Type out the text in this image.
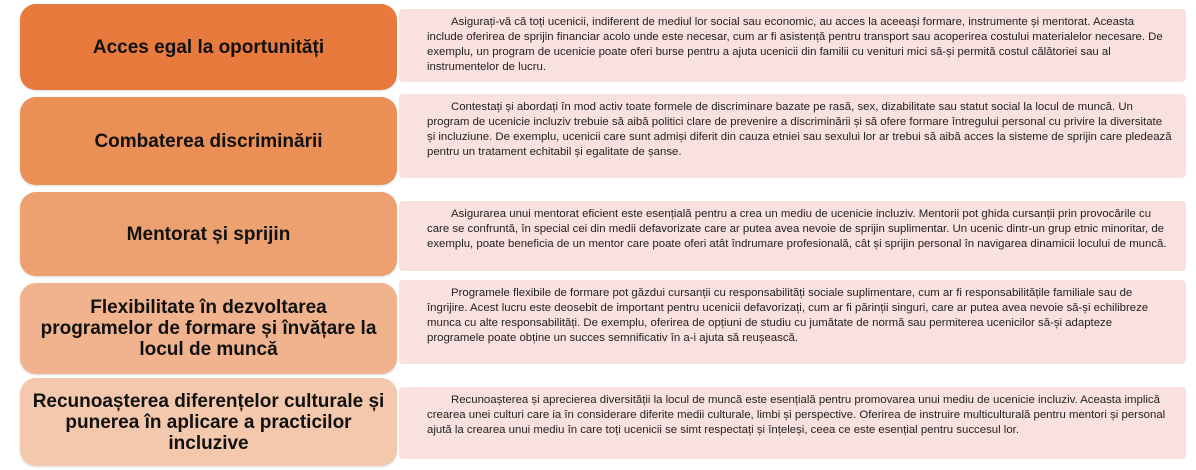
Acces egal la oportunități

Asigurați-vă că toți ucenicii, indiferent de mediul lor social sau economic, au acces la aceeași formare, instrumente și mentorat. Aceasta include oferirea de sprijin financiar acolo unde este necesar, cum ar fi asistență pentru transport sau acoperirea costului materialelor necesare. De exemplu, un program de ucenicie poate oferi burse pentru a ajuta ucenicii din familii cu venituri mici să-și permită costul călătoriei sau al instrumentelor de lucru.

Combaterea discriminării

Contestați și abordați în mod activ toate formele de discriminare bazate pe rasă, sex, dizabilitate sau statut social la locul de muncă. Un program de ucenicie incluziv trebuie să aibă politici clare de prevenire a discriminării și să ofere formare întregului personal cu privire la diversitate și incluziune. De exemplu, ucenicii care sunt admiși diferit din cauza etniei sau sexului lor ar trebui să aibă acces la sisteme de sprijin care pledează pentru un tratament echitabil și egalitate de șanse.

Mentorat și sprijin

Asigurarea unui mentorat eficient este esențială pentru a crea un mediu de ucenicie incluziv. Mentorii pot ghida cursanții prin provocările cu care se confruntă, în special cei din medii defavorizate care ar putea avea nevoie de sprijin suplimentar. Un ucenic dintr-un grup etnic minoritar, de exemplu, poate beneficia de un mentor care poate oferi atât îndrumare profesională, cât și sprijin personal în navigarea dinamicii locului de muncă.

Flexibilitate în dezvoltarea programelor de formare și învățare la locul de muncă

Programele flexibile de formare pot găzdui cursanții cu responsabilități sociale suplimentare, cum ar fi responsabilitățile familiale sau de îngrijire. Acest lucru este deosebit de important pentru ucenicii defavorizați, cum ar fi părinții singuri, care ar putea avea nevoie să-și echilibreze munca cu alte responsabilități. De exemplu, oferirea de opțiuni de studiu cu jumătate de normă sau permiterea ucenicilor să-și adapteze programele poate obține un succes semnificativ în a-i ajuta să reușească.

Recunoașterea diferențelor culturale și punerea în aplicare a practicilor incluzive

Recunoașterea și aprecierea diversității la locul de muncă este esențială pentru promovarea unui mediu de ucenicie incluziv. Aceasta implică crearea unei culturi care ia în considerare diferite medii culturale, limbi și perspective. Oferirea de instruire multiculturală pentru mentori și personal ajută la crearea unui mediu în care toți ucenicii se simt respectați și înțeleși, ceea ce este esențial pentru succesul lor.
